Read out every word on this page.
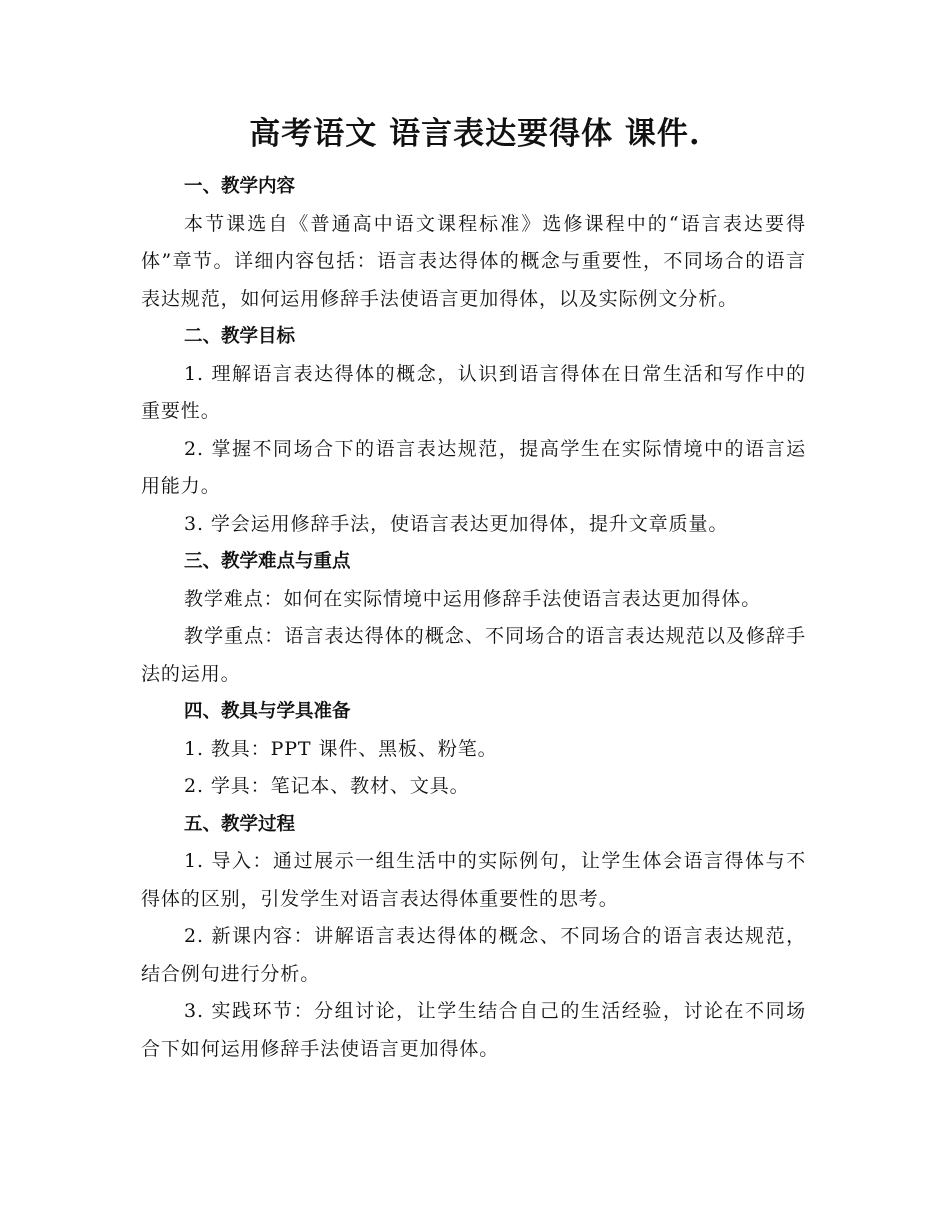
高考语文 语言表达要得体 课件.
一、教学内容
本节课选自《普通高中语文课程标准》选修课程中的“语言表达要得体”章节。详细内容包括：语言表达得体的概念与重要性，不同场合的语言表达规范，如何运用修辞手法使语言更加得体，以及实际例文分析。
二、教学目标
1. 理解语言表达得体的概念，认识到语言得体在日常生活和写作中的重要性。
2. 掌握不同场合下的语言表达规范，提高学生在实际情境中的语言运用能力。
3. 学会运用修辞手法，使语言表达更加得体，提升文章质量。
三、教学难点与重点
教学难点：如何在实际情境中运用修辞手法使语言表达更加得体。
教学重点：语言表达得体的概念、不同场合的语言表达规范以及修辞手法的运用。
四、教具与学具准备
1. 教具：PPT 课件、黑板、粉笔。
2. 学具：笔记本、教材、文具。
五、教学过程
1. 导入：通过展示一组生活中的实际例句，让学生体会语言得体与不得体的区别，引发学生对语言表达得体重要性的思考。
2. 新课内容：讲解语言表达得体的概念、不同场合的语言表达规范，结合例句进行分析。
3. 实践环节：分组讨论，让学生结合自己的生活经验，讨论在不同场合下如何运用修辞手法使语言更加得体。
